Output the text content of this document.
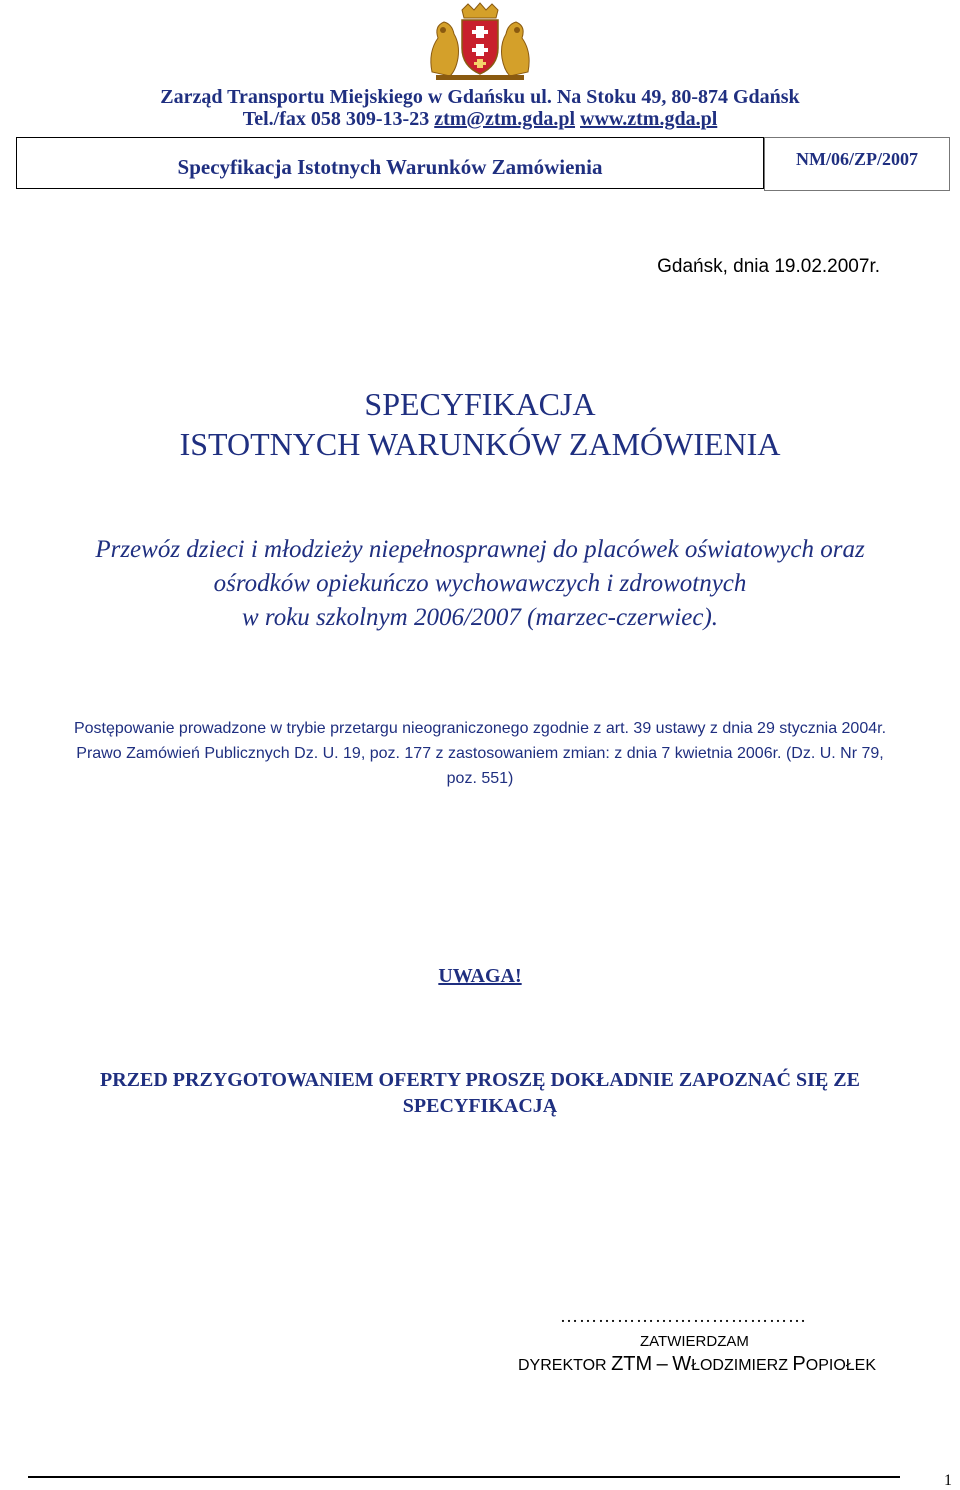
Zarząd Transportu Miejskiego w Gdańsku ul. Na Stoku 49, 80-874 Gdańsk
Tel./fax 058 309-13-23 ztm@ztm.gda.pl www.ztm.gda.pl
Specyfikacja Istotnych Warunków Zamówienia	NM/06/ZP/2007
Gdańsk, dnia 19.02.2007r.
SPECYFIKACJA
ISTOTNYCH WARUNKÓW ZAMÓWIENIA
Przewóz dzieci i młodzieży niepełnosprawnej do placówek oświatowych oraz
ośrodków opiekuńczo wychowawczych i zdrowotnych
w roku szkolnym 2006/2007 (marzec-czerwiec).
Postępowanie prowadzone w trybie przetargu nieograniczonego zgodnie z art. 39 ustawy z dnia 29 stycznia 2004r.
Prawo Zamówień Publicznych Dz. U. 19, poz. 177 z zastosowaniem zmian: z dnia 7 kwietnia 2006r. (Dz. U. Nr 79,
poz. 551)
UWAGA!
PRZED PRZYGOTOWANIEM OFERTY PROSZĘ DOKŁADNIE ZAPOZNAĆ SIĘ ZE
SPECYFIKACJĄ
…………………………………
ZATWIERDZAM
DYREKTOR ZTM – WŁODZIMIERZ POPIOŁEK
1
